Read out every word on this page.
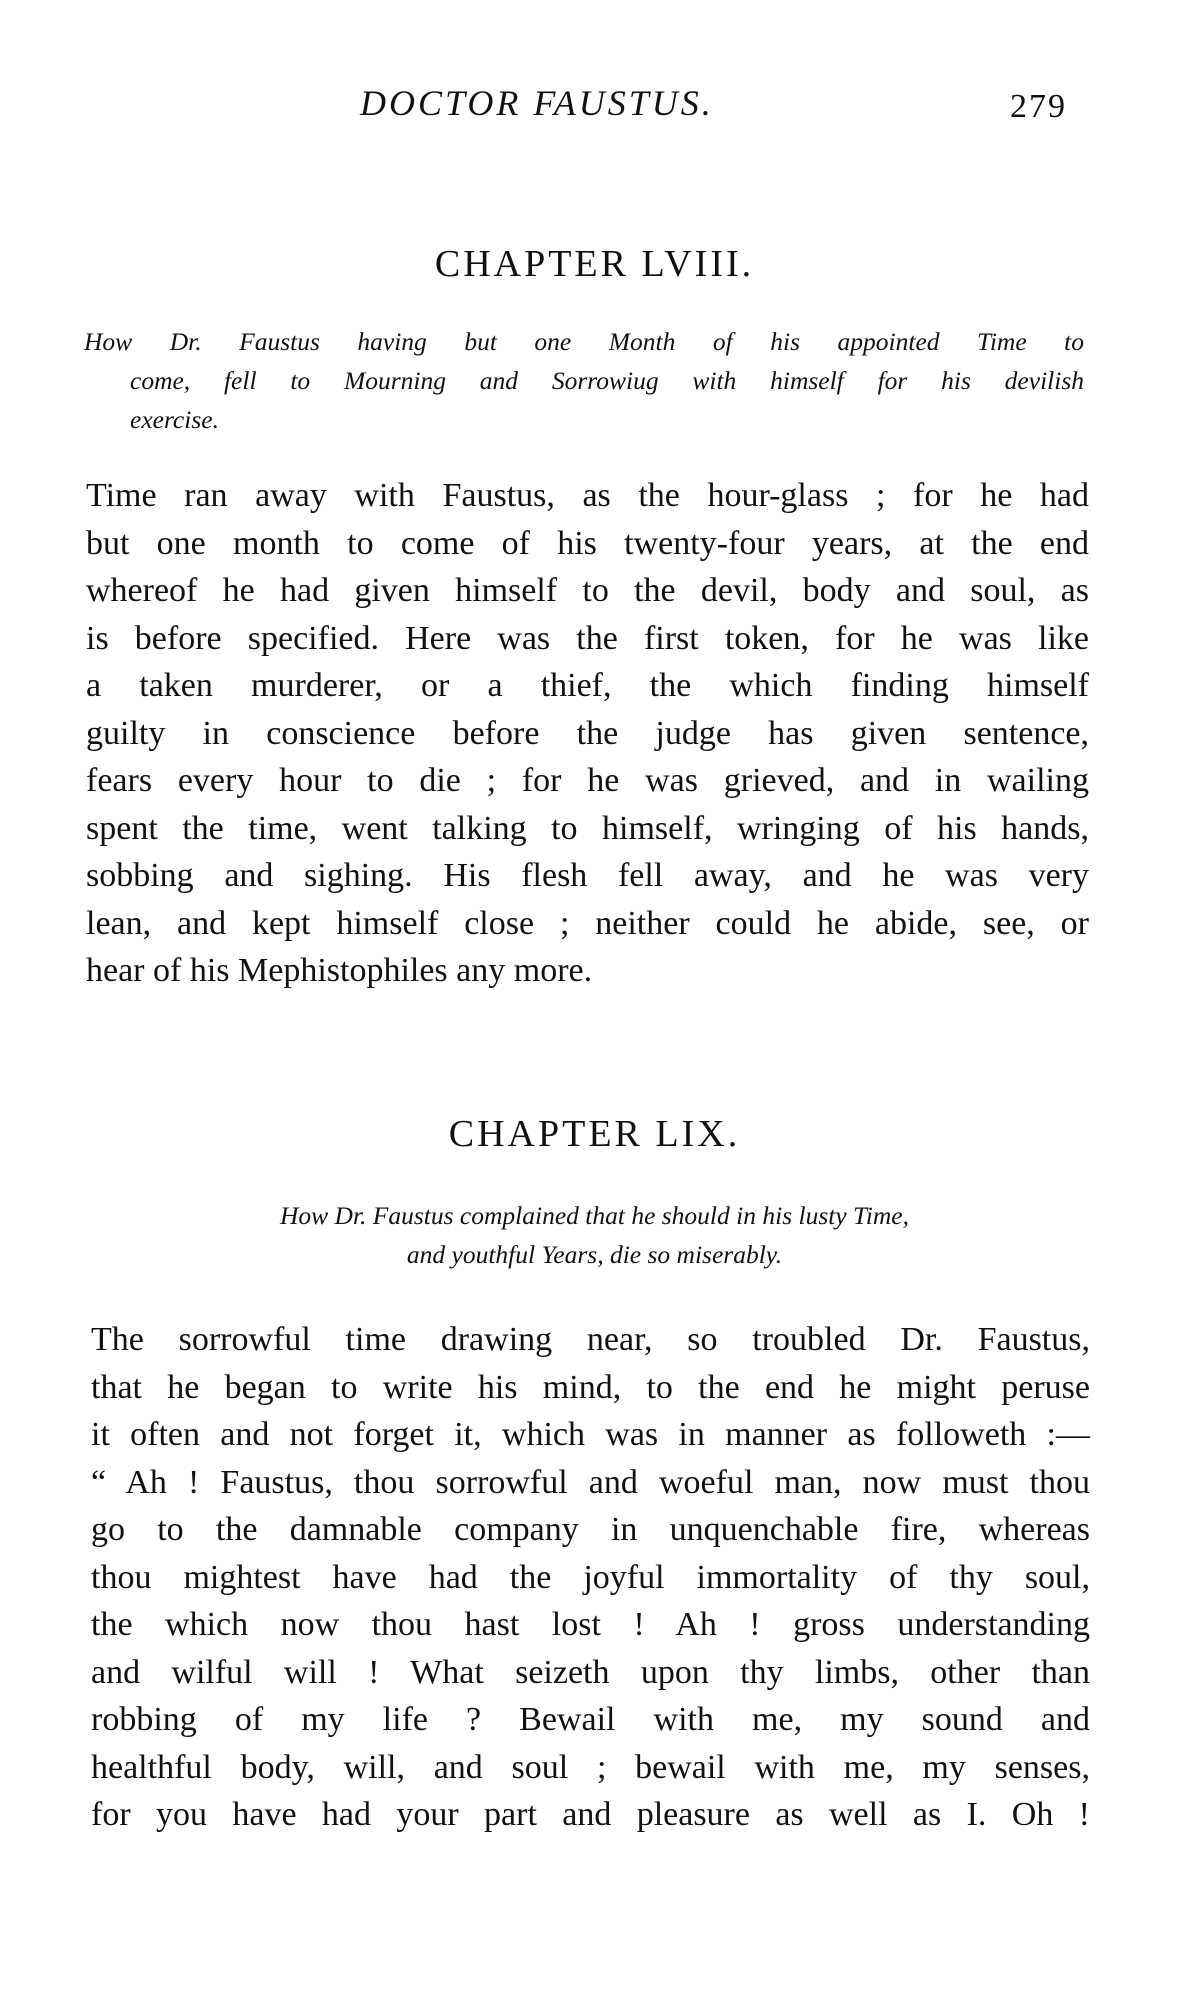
DOCTOR FAUSTUS.	279
CHAPTER LVIII.
How Dr. Faustus having but one Month of his appointed Time to
come, fell to Mourning and Sorrowiug with himself for his devilish
exercise.
Time ran away with Faustus, as the hour-glass ; for he had
but one month to come of his twenty-four years, at the end
whereof he had given himself to the devil, body and soul, as
is before specified. Here was the first token, for he was like
a taken murderer, or a thief, the which finding himself
guilty in conscience before the judge has given sentence,
fears every hour to die ; for he was grieved, and in wailing
spent the time, went talking to himself, wringing of his hands,
sobbing and sighing. His flesh fell away, and he was very
lean, and kept himself close ; neither could he abide, see, or
hear of his Mephistophiles any more.
CHAPTER LIX.
How Dr. Faustus complained that he should in his lusty Time,
and youthful Years, die so miserably.
The sorrowful time drawing near, so troubled Dr. Faustus,
that he began to write his mind, to the end he might peruse
it often and not forget it, which was in manner as followeth :—
“ Ah ! Faustus, thou sorrowful and woeful man, now must thou
go to the damnable company in unquenchable fire, whereas
thou mightest have had the joyful immortality of thy soul,
the which now thou hast lost ! Ah ! gross understanding
and wilful will ! What seizeth upon thy limbs, other than
robbing of my life ? Bewail with me, my sound and
healthful body, will, and soul ; bewail with me, my senses,
for you have had your part and pleasure as well as I. Oh !
